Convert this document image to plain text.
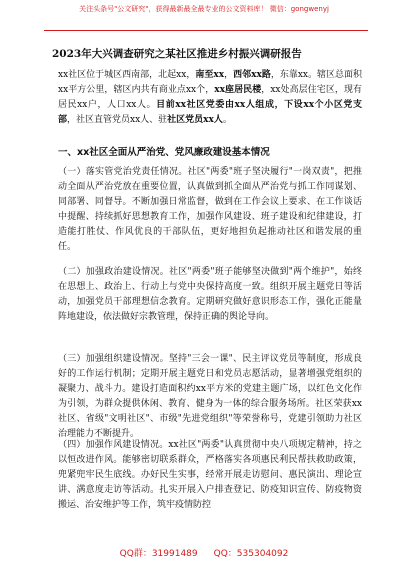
关注头条号"公文研究"，获得最新最全最专业的公文资料库！ 微信：gongwenyj
2023年大兴调查研究之某社区推进乡村振兴调研报告

xx社区位于城区西南部，北起xx，南至xx，西邻xx路，东靠xx。辖区总面积xx平方公里，辖区内共有商业点xx个，xx座居民楼，xx处高层住宅区，现有居民xx户，人口xx人。目前xx社区党委由xx人组成，下设xx个小区党支部，社区直管党员xx人、驻社区党员xx人。

一、xx社区全面从严治党、党风廉政建设基本情况

（一）落实管党治党责任情况。社区"两委"班子坚决履行"一岗双责"，把推动全面从严治党放在重要位置，认真做到抓全面从严治党与抓工作同谋划、同部署、同督导。不断加强日常监督，做到在工作会议上要求、在工作谈话中提醒、持续抓好思想教育工作，加强作风建设、班子建设和纪律建设，打造能打胜仗、作风优良的干部队伍，更好地担负起推动社区和谐发展的重任。

（二）加强政治建设情况。社区"两委"班子能够坚决做到"两个维护"，始终在思想上、政治上、行动上与党中央保持高度一致。组织开展主题党日等活动，加强党员干部理想信念教育。定期研究做好意识形态工作，强化正能量阵地建设，依法做好宗教管理，保持正确的舆论导向。

（三）加强组织建设情况。坚持"三会一课"、民主评议党员等制度，形成良好的工作运行机制；定期开展主题党日和党员志愿活动，显著增强党组织的凝聚力、战斗力。建设打造面积约xx平方米的党建主题广场，以红色文化作为引领，为群众提供休闲、教育、健身为一体的综合服务场所。社区荣获xx社区、省级"文明社区"、市级"先进党组织"等荣誉称号，党建引领助力社区治理能力不断提升。

（四）加强作风建设情况。xx社区"两委"认真贯彻中央八项规定精神，持之以恒改进作风。能够密切联系群众，严格落实各项惠民利民帮扶救助政策，兜紧兜牢民生底线。办好民生实事，经常开展走访慰问、惠民演出、理论宣讲、满意度走访等活动。扎实开展入户排查登记、防疫知识宣传、防疫物资搬运、治安维护等工作，筑牢疫情防控

QQ群：31991489 QQ：535304092
